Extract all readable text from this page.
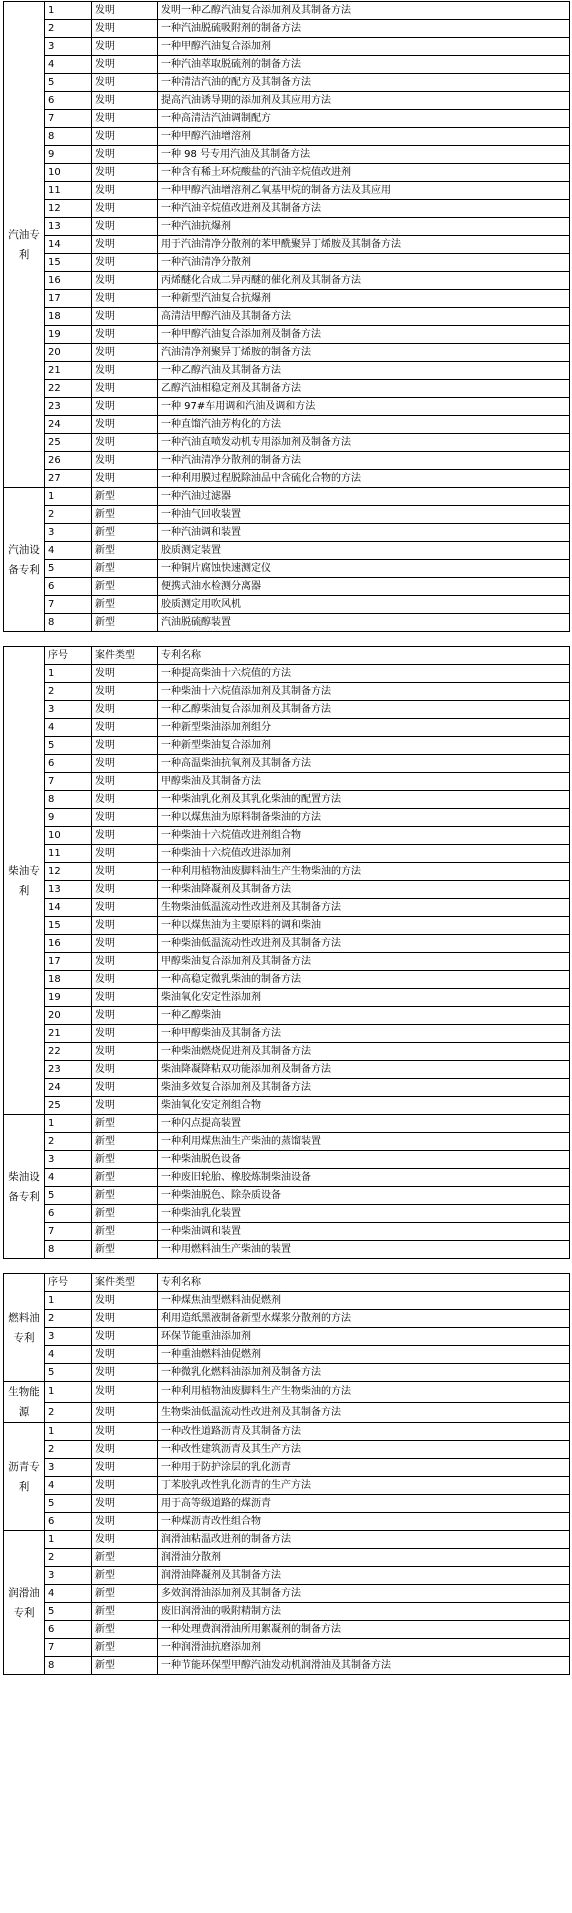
汽油专利	1	发明	发明一种乙醇汽油复合添加剂及其制备方法
	2	发明	一种汽油脱硫吸附剂的制备方法
	3	发明	一种甲醇汽油复合添加剂
	4	发明	一种汽油萃取脱硫剂的制备方法
	5	发明	一种清洁汽油的配方及其制备方法
	6	发明	提高汽油诱导期的添加剂及其应用方法
	7	发明	一种高清洁汽油调制配方
	8	发明	一种甲醇汽油增溶剂
	9	发明	一种 98 号专用汽油及其制备方法
	10	发明	一种含有稀土环烷酸盐的汽油辛烷值改进剂
	11	发明	一种甲醇汽油增溶剂乙氧基甲烷的制备方法及其应用
	12	发明	一种汽油辛烷值改进剂及其制备方法
	13	发明	一种汽油抗爆剂
	14	发明	用于汽油清净分散剂的苯甲酰聚异丁烯胺及其制备方法
	15	发明	一种汽油清净分散剂
	16	发明	丙烯醚化合成二异丙醚的催化剂及其制备方法
	17	发明	一种新型汽油复合抗爆剂
	18	发明	高清洁甲醇汽油及其制备方法
	19	发明	一种甲醇汽油复合添加剂及制备方法
	20	发明	汽油清净剂聚异丁烯胺的制备方法
	21	发明	一种乙醇汽油及其制备方法
	22	发明	乙醇汽油相稳定剂及其制备方法
	23	发明	一种 97#车用调和汽油及调和方法
	24	发明	一种直馏汽油芳构化的方法
	25	发明	一种汽油直喷发动机专用添加剂及制备方法
	26	发明	一种汽油清净分散剂的制备方法
	27	发明	一种利用膜过程脱除油品中含硫化合物的方法
汽油设备专利	1	新型	一种汽油过滤器
	2	新型	一种油气回收装置
	3	新型	一种汽油调和装置
	4	新型	胶质测定装置
	5	新型	一种铜片腐蚀快速测定仪
	6	新型	便携式油水检测分离器
	7	新型	胶质测定用吹风机
	8	新型	汽油脱硫醇装置
柴油专利	序号	案件类型	专利名称
	1	发明	一种提高柴油十六烷值的方法
	2	发明	一种柴油十六烷值添加剂及其制备方法
	3	发明	一种乙醇柴油复合添加剂及其制备方法
	4	发明	一种新型柴油添加剂组分
	5	发明	一种新型柴油复合添加剂
	6	发明	一种高温柴油抗氧剂及其制备方法
	7	发明	甲醇柴油及其制备方法
	8	发明	一种柴油乳化剂及其乳化柴油的配置方法
	9	发明	一种以煤焦油为原料制备柴油的方法
	10	发明	一种柴油十六烷值改进剂组合物
	11	发明	一种柴油十六烷值改进添加剂
	12	发明	一种利用植物油废脚料油生产生物柴油的方法
	13	发明	一种柴油降凝剂及其制备方法
	14	发明	生物柴油低温流动性改进剂及其制备方法
	15	发明	一种以煤焦油为主要原料的调和柴油
	16	发明	一种柴油低温流动性改进剂及其制备方法
	17	发明	甲醇柴油复合添加剂及其制备方法
	18	发明	一种高稳定微乳柴油的制备方法
	19	发明	柴油氧化安定性添加剂
	20	发明	一种乙醇柴油
	21	发明	一种甲醇柴油及其制备方法
	22	发明	一种柴油燃烧促进剂及其制备方法
	23	发明	柴油降凝降粘双功能添加剂及制备方法
	24	发明	柴油多效复合添加剂及其制备方法
	25	发明	柴油氧化安定剂组合物
柴油设备专利	1	新型	一种闪点提高装置
	2	新型	一种利用煤焦油生产柴油的蒸馏装置
	3	新型	一种柴油脱色设备
	4	新型	一种废旧轮胎、橡胶炼制柴油设备
	5	新型	一种柴油脱色、除杂质设备
	6	新型	一种柴油乳化装置
	7	新型	一种柴油调和装置
	8	新型	一种用燃料油生产柴油的装置
燃料油专利	序号	案件类型	专利名称
	1	发明	一种煤焦油型燃料油促燃剂
	2	发明	利用造纸黑液制备新型水煤浆分散剂的方法
	3	发明	环保节能重油添加剂
	4	发明	一种重油燃料油促燃剂
	5	发明	一种微乳化燃料油添加剂及制备方法
生物能源	1	发明	一种利用植物油废脚料生产生物柴油的方法
	2	发明	生物柴油低温流动性改进剂及其制备方法
沥青专利	1	发明	一种改性道路沥青及其制备方法
	2	发明	一种改性建筑沥青及其生产方法
	3	发明	一种用于防护涂层的乳化沥青
	4	发明	丁苯胶乳改性乳化沥青的生产方法
	5	发明	用于高等级道路的煤沥青
	6	发明	一种煤沥青改性组合物
润滑油专利	1	发明	润滑油粘温改进剂的制备方法
	2	新型	润滑油分散剂
	3	新型	润滑油降凝剂及其制备方法
	4	新型	多效润滑油添加剂及其制备方法
	5	新型	废旧润滑油的吸附精制方法
	6	新型	一种处理费润滑油所用絮凝剂的制备方法
	7	新型	一种润滑油抗磨添加剂
	8	新型	一种节能环保型甲醇汽油发动机润滑油及其制备方法
